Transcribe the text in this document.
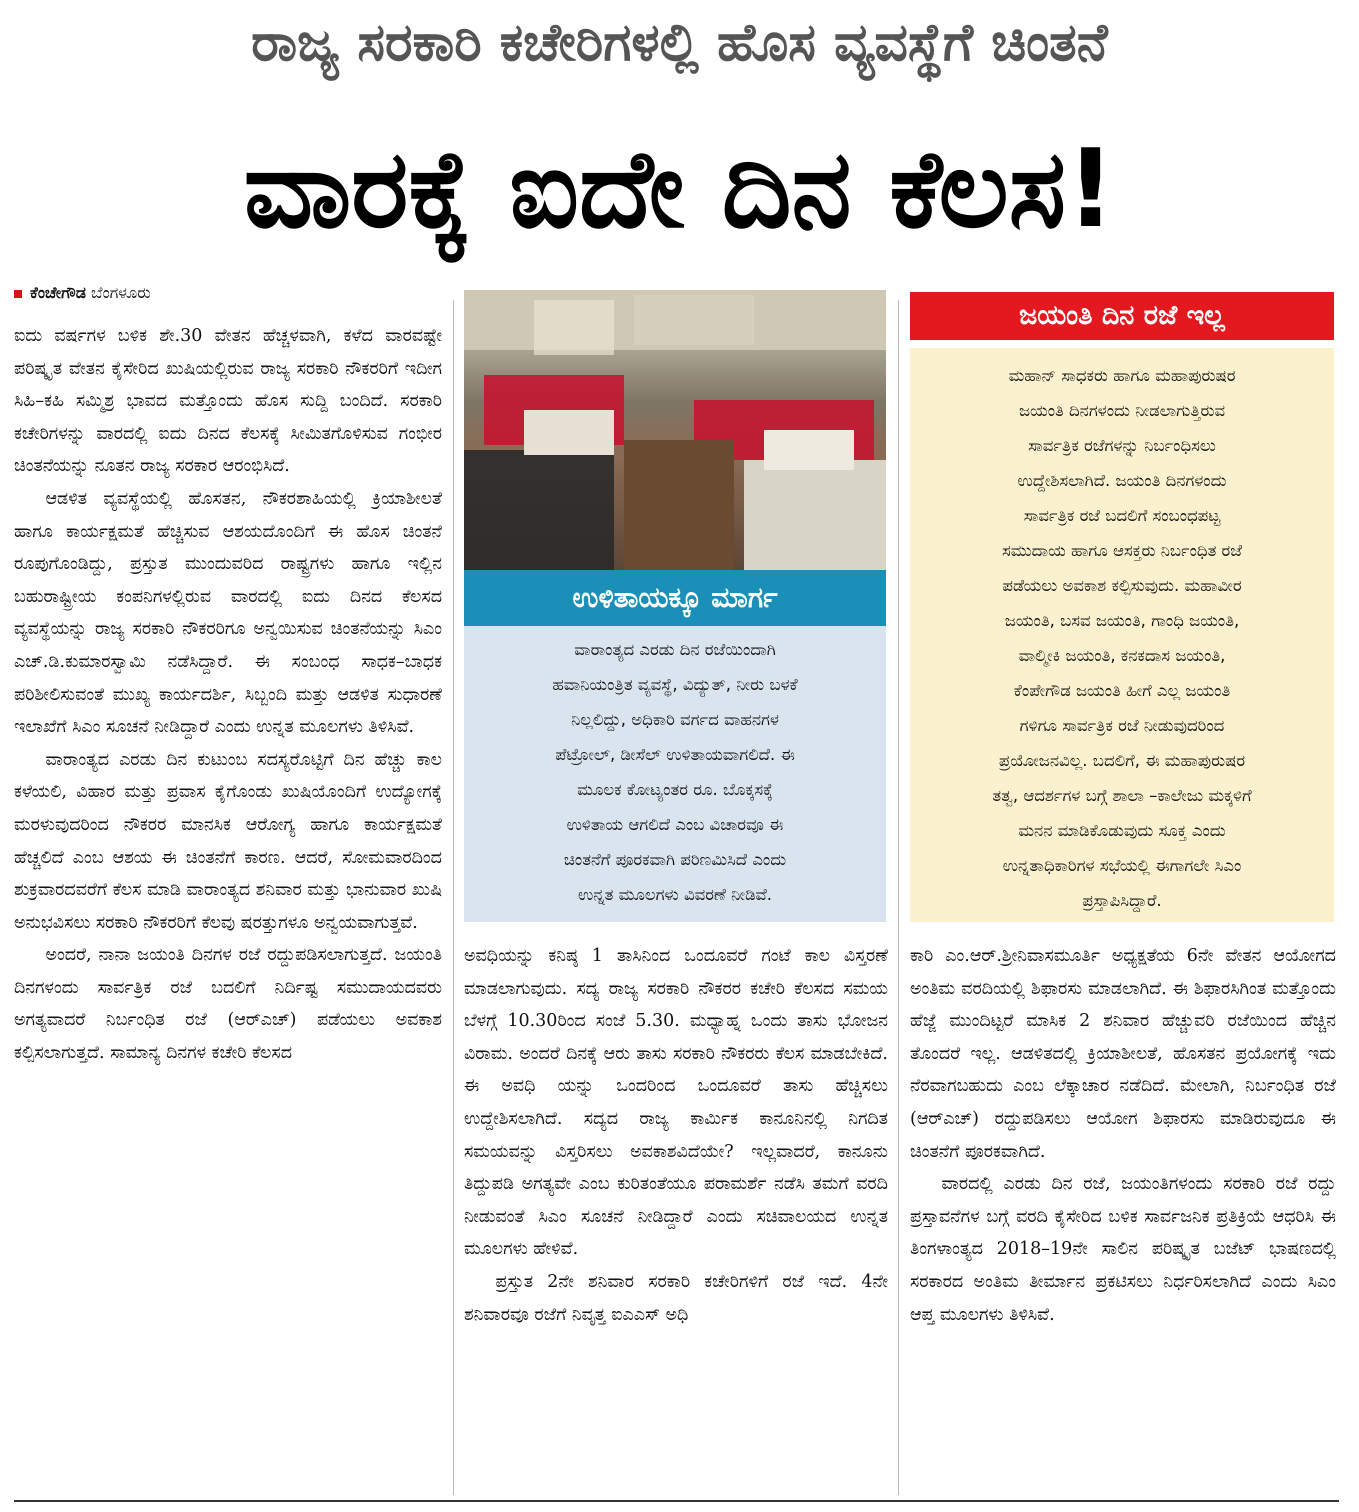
ರಾಜ್ಯ ಸರಕಾರಿ ಕಚೇರಿಗಳಲ್ಲಿ ಹೊಸ ವ್ಯವಸ್ಥೆಗೆ ಚಿಂತನೆ
ವಾರಕ್ಕೆ ಐದೇ ದಿನ ಕೆಲಸ!
ಕೆಂಚೇಗೌಡ ಬೆಂಗಳೂರು

ಐದು ವರ್ಷಗಳ ಬಳಿಕ ಶೇ.30 ವೇತನ ಹೆಚ್ಚಳವಾಗಿ, ಕಳೆದ ವಾರವಷ್ಟೇ ಪರಿಷ್ಕೃತ ವೇತನ ಕೈಸೇರಿದ ಖುಷಿಯಲ್ಲಿರುವ ರಾಜ್ಯ ಸರಕಾರಿ ನೌಕರರಿಗೆ ಇದೀಗ ಸಿಹಿ–ಕಹಿ ಸಮ್ಮಿಶ್ರ ಭಾವದ ಮತ್ತೊಂದು ಹೊಸ ಸುದ್ದಿ ಬಂದಿದೆ. ಸರಕಾರಿ ಕಚೇರಿಗಳನ್ನು ವಾರದಲ್ಲಿ ಐದು ದಿನದ ಕೆಲಸಕ್ಕೆ ಸೀಮಿತಗೊಳಿಸುವ ಗಂಭೀರ ಚಿಂತನೆಯನ್ನು ನೂತನ ರಾಜ್ಯ ಸರಕಾರ ಆರಂಭಿಸಿದೆ.

ಆಡಳಿತ ವ್ಯವಸ್ಥೆಯಲ್ಲಿ ಹೊಸತನ, ನೌಕರಶಾಹಿಯಲ್ಲಿ ಕ್ರಿಯಾಶೀಲತೆ ಹಾಗೂ ಕಾರ್ಯಕ್ಷಮತೆ ಹೆಚ್ಚಿಸುವ ಆಶಯದೊಂದಿಗೆ ಈ ಹೊಸ ಚಿಂತನೆ ರೂಪುಗೊಂಡಿದ್ದು, ಪ್ರಸ್ತುತ ಮುಂದುವರಿದ ರಾಷ್ಟ್ರಗಳು ಹಾಗೂ ಇಲ್ಲಿನ ಬಹುರಾಷ್ಟ್ರೀಯ ಕಂಪನಿಗಳಲ್ಲಿರುವ ವಾರದಲ್ಲಿ ಐದು ದಿನದ ಕೆಲಸದ ವ್ಯವಸ್ಥೆಯನ್ನು ರಾಜ್ಯ ಸರಕಾರಿ ನೌಕರರಿಗೂ ಅನ್ವಯಿಸುವ ಚಿಂತನೆಯನ್ನು ಸಿಎಂ ಎಚ್.ಡಿ.ಕುಮಾರಸ್ವಾಮಿ ನಡೆಸಿದ್ದಾರೆ. ಈ ಸಂಬಂಧ ಸಾಧಕ–ಬಾಧಕ ಪರಿಶೀಲಿಸುವಂತೆ ಮುಖ್ಯ ಕಾರ್ಯದರ್ಶಿ, ಸಿಬ್ಬಂದಿ ಮತ್ತು ಆಡಳಿತ ಸುಧಾರಣೆ ಇಲಾಖೆಗೆ ಸಿಎಂ ಸೂಚನೆ ನೀಡಿದ್ದಾರೆ ಎಂದು ಉನ್ನತ ಮೂಲಗಳು ತಿಳಿಸಿವೆ.

ವಾರಾಂತ್ಯದ ಎರಡು ದಿನ ಕುಟುಂಬ ಸದಸ್ಯರೊಟ್ಟಿಗೆ ದಿನ ಹೆಚ್ಚು ಕಾಲ ಕಳೆಯಲಿ, ವಿಹಾರ ಮತ್ತು ಪ್ರವಾಸ ಕೈಗೊಂಡು ಖುಷಿಯೊಂದಿಗೆ ಉದ್ಯೋಗಕ್ಕೆ ಮರಳುವುದರಿಂದ ನೌಕರರ ಮಾನಸಿಕ ಆರೋಗ್ಯ ಹಾಗೂ ಕಾರ್ಯಕ್ಷಮತೆ ಹೆಚ್ಚಲಿದೆ ಎಂಬ ಆಶಯ ಈ ಚಿಂತನೆಗೆ ಕಾರಣ. ಆದರೆ, ಸೋಮವಾರದಿಂದ ಶುಕ್ರವಾರದವರೆಗೆ ಕೆಲಸ ಮಾಡಿ ವಾರಾಂತ್ಯದ ಶನಿವಾರ ಮತ್ತು ಭಾನುವಾರ ಖುಷಿ ಅನುಭವಿಸಲು ಸರಕಾರಿ ನೌಕರರಿಗೆ ಕೆಲವು ಷರತ್ತುಗಳೂ ಅನ್ವಯವಾಗುತ್ತವೆ.

ಅಂದರೆ, ನಾನಾ ಜಯಂತಿ ದಿನಗಳ ರಜೆ ರದ್ದುಪಡಿಸಲಾಗುತ್ತದೆ. ಜಯಂತಿ ದಿನಗಳಂದು ಸಾರ್ವತ್ರಿಕ ರಜೆ ಬದಲಿಗೆ ನಿರ್ದಿಷ್ಟ ಸಮುದಾಯದವರು ಅಗತ್ಯವಾದರೆ ನಿರ್ಬಂಧಿತ ರಜೆ (ಆರ್‌ಎಚ್) ಪಡೆಯಲು ಅವಕಾಶ ಕಲ್ಪಿಸಲಾಗುತ್ತದೆ. ಸಾಮಾನ್ಯ ದಿನಗಳ ಕಚೇರಿ ಕೆಲಸದ

ಉಳಿತಾಯಕ್ಕೂ ಮಾರ್ಗ
ವಾರಾಂತ್ಯದ ಎರಡು ದಿನ ರಜೆಯಿಂದಾಗಿ
ಹವಾನಿಯಂತ್ರಿತ ವ್ಯವಸ್ಥೆ, ವಿದ್ಯುತ್, ನೀರು ಬಳಕೆ
ನಿಲ್ಲಲಿದ್ದು, ಅಧಿಕಾರಿ ವರ್ಗದ ವಾಹನಗಳ
ಪೆಟ್ರೋಲ್, ಡೀಸೆಲ್ ಉಳಿತಾಯವಾಗಲಿದೆ. ಈ
ಮೂಲಕ ಕೋಟ್ಯಂತರ ರೂ. ಬೊಕ್ಕಸಕ್ಕೆ
ಉಳಿತಾಯ ಆಗಲಿದೆ ಎಂಬ ವಿಚಾರವೂ ಈ
ಚಿಂತನೆಗೆ ಪೂರಕವಾಗಿ ಪರಿಣಮಿಸಿದೆ ಎಂದು
ಉನ್ನತ ಮೂಲಗಳು ವಿವರಣೆ ನೀಡಿವೆ.
ಜಯಂತಿ ದಿನ ರಜೆ ಇಲ್ಲ
ಮಹಾನ್ ಸಾಧಕರು ಹಾಗೂ ಮಹಾಪುರುಷರ
ಜಯಂತಿ ದಿನಗಳಂದು ನೀಡಲಾಗುತ್ತಿರುವ
ಸಾರ್ವತ್ರಿಕ ರಜೆಗಳನ್ನು ನಿರ್ಬಂಧಿಸಲು
ಉದ್ದೇಶಿಸಲಾಗಿದೆ. ಜಯಂತಿ ದಿನಗಳಂದು
ಸಾರ್ವತ್ರಿಕ ರಜೆ ಬದಲಿಗೆ ಸಂಬಂಧಪಟ್ಟ
ಸಮುದಾಯ ಹಾಗೂ ಆಸಕ್ತರು ನಿರ್ಬಂಧಿತ ರಜೆ
ಪಡೆಯಲು ಅವಕಾಶ ಕಲ್ಪಿಸುವುದು. ಮಹಾವೀರ
ಜಯಂತಿ, ಬಸವ ಜಯಂತಿ, ಗಾಂಧಿ ಜಯಂತಿ,
ವಾಲ್ಮೀಕಿ ಜಯಂತಿ, ಕನಕದಾಸ ಜಯಂತಿ,
ಕೆಂಪೇಗೌಡ ಜಯಂತಿ ಹೀಗೆ ಎಲ್ಲ ಜಯಂತಿ
ಗಳಿಗೂ ಸಾರ್ವತ್ರಿಕ ರಜೆ ನೀಡುವುದರಿಂದ
ಪ್ರಯೋಜನವಿಲ್ಲ. ಬದಲಿಗೆ, ಈ ಮಹಾಪುರುಷರ
ತತ್ವ, ಆದರ್ಶಗಳ ಬಗ್ಗೆ ಶಾಲಾ –ಕಾಲೇಜು ಮಕ್ಕಳಿಗೆ
ಮನನ ಮಾಡಿಕೊಡುವುದು ಸೂಕ್ತ ಎಂದು
ಉನ್ನತಾಧಿಕಾರಿಗಳ ಸಭೆಯಲ್ಲಿ ಈಗಾಗಲೇ ಸಿಎಂ
ಪ್ರಸ್ತಾಪಿಸಿದ್ದಾರೆ.

ಅವಧಿಯನ್ನು ಕನಿಷ್ಠ 1 ತಾಸಿನಿಂದ ಒಂದೂವರೆ ಗಂಟೆ ಕಾಲ ವಿಸ್ತರಣೆ ಮಾಡಲಾಗುವುದು. ಸದ್ಯ ರಾಜ್ಯ ಸರಕಾರಿ ನೌಕರರ ಕಚೇರಿ ಕೆಲಸದ ಸಮಯ ಬೆಳಗ್ಗೆ 10.30ರಿಂದ ಸಂಜೆ 5.30. ಮಧ್ಯಾಹ್ನ ಒಂದು ತಾಸು ಭೋಜನ ವಿರಾಮ. ಅಂದರೆ ದಿನಕ್ಕೆ ಆರು ತಾಸು ಸರಕಾರಿ ನೌಕರರು ಕೆಲಸ ಮಾಡಬೇಕಿದೆ. ಈ ಅವಧಿ ಯನ್ನು ಒಂದರಿಂದ ಒಂದೂವರೆ ತಾಸು ಹೆಚ್ಚಿಸಲು ಉದ್ದೇಶಿಸಲಾಗಿದೆ. ಸದ್ಯದ ರಾಜ್ಯ ಕಾರ್ಮಿಕ ಕಾನೂನಿನಲ್ಲಿ ನಿಗದಿತ ಸಮಯವನ್ನು ವಿಸ್ತರಿಸಲು ಅವಕಾಶವಿದೆಯೇ? ಇಲ್ಲವಾದರೆ, ಕಾನೂನು ತಿದ್ದುಪಡಿ ಅಗತ್ಯವೇ ಎಂಬ ಕುರಿತಂತೆಯೂ ಪರಾಮರ್ಶೆ ನಡೆಸಿ ತಮಗೆ ವರದಿ ನೀಡುವಂತೆ ಸಿಎಂ ಸೂಚನೆ ನೀಡಿದ್ದಾರೆ ಎಂದು ಸಚಿವಾಲಯದ ಉನ್ನತ ಮೂಲಗಳು ಹೇಳಿವೆ.

ಪ್ರಸ್ತುತ 2ನೇ ಶನಿವಾರ ಸರಕಾರಿ ಕಚೇರಿಗಳಿಗೆ ರಜೆ ಇದೆ. 4ನೇ ಶನಿವಾರವೂ ರಜೆಗೆ ನಿವೃತ್ತ ಐಎಎಸ್ ಅಧಿ

ಕಾರಿ ಎಂ.ಆರ್.ಶ್ರೀನಿವಾಸಮೂರ್ತಿ ಅಧ್ಯಕ್ಷತೆಯ 6ನೇ ವೇತನ ಆಯೋಗದ ಅಂತಿಮ ವರದಿಯಲ್ಲಿ ಶಿಫಾರಸು ಮಾಡಲಾಗಿದೆ. ಈ ಶಿಫಾರಸಿಗಿಂತ ಮತ್ತೊಂದು ಹೆಜ್ಜೆ ಮುಂದಿಟ್ಟರೆ ಮಾಸಿಕ 2 ಶನಿವಾರ ಹೆಚ್ಚುವರಿ ರಜೆಯಿಂದ ಹೆಚ್ಚಿನ ತೊಂದರೆ ಇಲ್ಲ. ಆಡಳಿತದಲ್ಲಿ ಕ್ರಿಯಾಶೀಲತೆ, ಹೊಸತನ ಪ್ರಯೋಗಕ್ಕೆ ಇದು ನೆರವಾಗಬಹುದು ಎಂಬ ಲೆಕ್ಕಾಚಾರ ನಡೆದಿದೆ. ಮೇಲಾಗಿ, ನಿರ್ಬಂಧಿತ ರಜೆ (ಆರ್‌ಎಚ್) ರದ್ದುಪಡಿಸಲು ಆಯೋಗ ಶಿಫಾರಸು ಮಾಡಿರುವುದೂ ಈ ಚಿಂತನೆಗೆ ಪೂರಕವಾಗಿದೆ.

ವಾರದಲ್ಲಿ ಎರಡು ದಿನ ರಜೆ, ಜಯಂತಿಗಳಂದು ಸರಕಾರಿ ರಜೆ ರದ್ದು ಪ್ರಸ್ತಾವನೆಗಳ ಬಗ್ಗೆ ವರದಿ ಕೈಸೇರಿದ ಬಳಿಕ ಸಾರ್ವಜನಿಕ ಪ್ರತಿಕ್ರಿಯೆ ಆಧರಿಸಿ ಈ ತಿಂಗಳಾಂತ್ಯದ 2018–19ನೇ ಸಾಲಿನ ಪರಿಷ್ಕೃತ ಬಜೆಟ್ ಭಾಷಣದಲ್ಲಿ ಸರಕಾರದ ಅಂತಿಮ ತೀರ್ಮಾನ ಪ್ರಕಟಿಸಲು ನಿರ್ಧರಿಸಲಾಗಿದೆ ಎಂದು ಸಿಎಂ ಆಪ್ತ ಮೂಲಗಳು ತಿಳಿಸಿವೆ.
